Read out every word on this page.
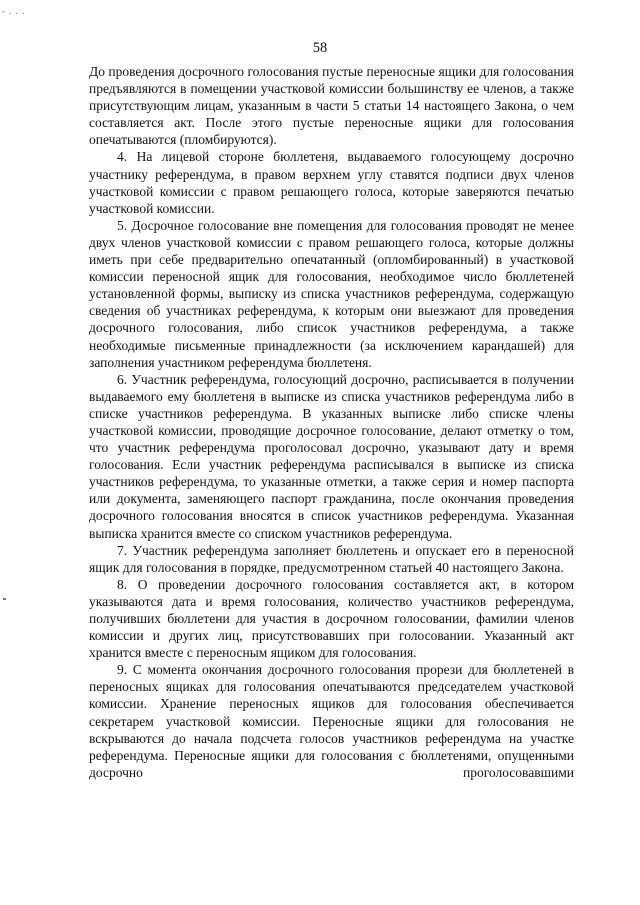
- . . .
58

До проведения досрочного голосования пустые переносные ящики для голосования предъявляются в помещении участковой комиссии большинству ее членов, а также присутствующим лицам, указанным в части 5 статьи 14 настоящего Закона, о чем составляется акт. После этого пустые переносные ящики для голосования опечатываются (пломбируются).

4. На лицевой стороне бюллетеня, выдаваемого голосующему досрочно участнику референдума, в правом верхнем углу ставятся подписи двух членов участковой комиссии с правом решающего голоса, которые заверяются печатью участковой комиссии.

5. Досрочное голосование вне помещения для голосования проводят не менее двух членов участковой комиссии с правом решающего голоса, которые должны иметь при себе предварительно опечатанный (опломбированный) в участковой комиссии переносной ящик для голосования, необходимое число бюллетеней установленной формы, выписку из списка участников референдума, содержащую сведения об участниках референдума, к которым они выезжают для проведения досрочного голосования, либо список участников референдума, а также необходимые письменные принадлежности (за исключением карандашей) для заполнения участником референдума бюллетеня.

6. Участник референдума, голосующий досрочно, расписывается в получении выдаваемого ему бюллетеня в выписке из списка участников референдума либо в списке участников референдума. В указанных выписке либо списке члены участковой комиссии, проводящие досрочное голосование, делают отметку о том, что участник референдума проголосовал досрочно, указывают дату и время голосования. Если участник референдума расписывался в выписке из списка участников референдума, то указанные отметки, а также серия и номер паспорта или документа, заменяющего паспорт гражданина, после окончания проведения досрочного голосования вносятся в список участников референдума. Указанная выписка хранится вместе со списком участников референдума.

7. Участник референдума заполняет бюллетень и опускает его в переносной ящик для голосования в порядке, предусмотренном статьей 40 настоящего Закона.

8. О проведении досрочного голосования составляется акт, в котором указываются дата и время голосования, количество участников референдума, получивших бюллетени для участия в досрочном голосовании, фамилии членов комиссии и других лиц, присутствовавших при голосовании. Указанный акт хранится вместе с переносным ящиком для голосования.

9. С момента окончания досрочного голосования прорези для бюллетеней в переносных ящиках для голосования опечатываются председателем участковой комиссии. Хранение переносных ящиков для голосования обеспечивается секретарем участковой комиссии. Переносные ящики для голосования не вскрываются до начала подсчета голосов участников референдума на участке референдума. Переносные ящики для голосования с бюллетенями, опущенными досрочно проголосовавшими
